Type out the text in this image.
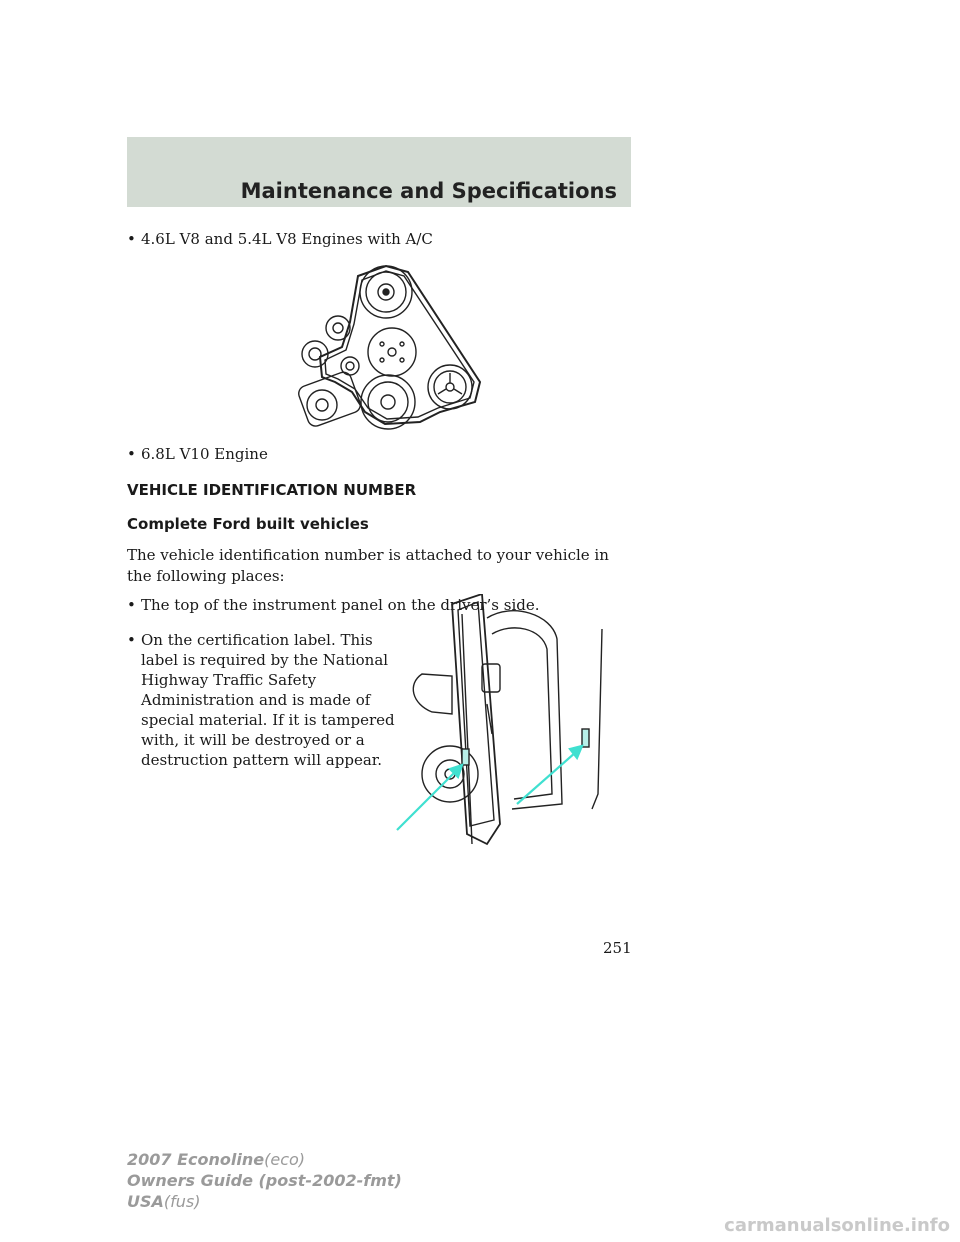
Maintenance and Specifications
• 4.6L V8 and 5.4L V8 Engines with A/C
• 6.8L V10 Engine
VEHICLE IDENTIFICATION NUMBER
Complete Ford built vehicles
The vehicle identification number is attached to your vehicle in the following places:
• The top of the instrument panel on the driver’s side.
• On the certification label. This
label is required by the National
Highway Traffic Safety
Administration and is made of
special material. If it is tampered
with, it will be destroyed or a
destruction pattern will appear.
251
2007 Econoline(eco)
Owners Guide (post-2002-fmt)
USA(fus)
carmanualsonline.info
